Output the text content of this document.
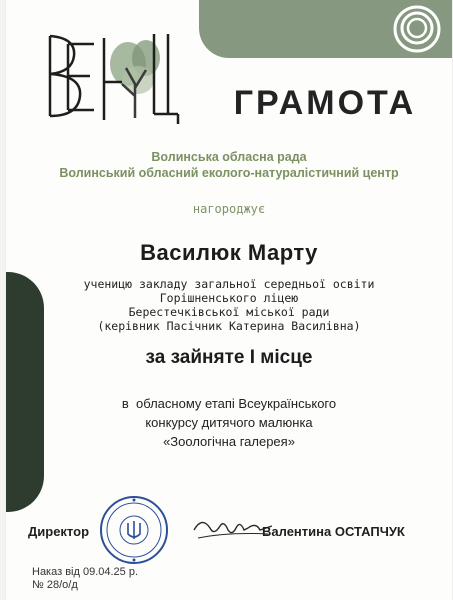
ГРАМОТА
Волинська обласна рада
Волинський обласний еколого-натуралістичний центр
нагороджує
Василюк Марту
ученицю закладу загальної середньої освіти
Горішненського ліцею
Берестечківської міської ради
(керівник Пасічник Катерина Василівна)
за зайняте І місце
в  обласному етапі Всеукраїнського
конкурсу дитячого малюнка
«Зоологічна галерея»
Директор	Валентина ОСТАПЧУК
Наказ від 09.04.25 р.
№ 28/о/д
